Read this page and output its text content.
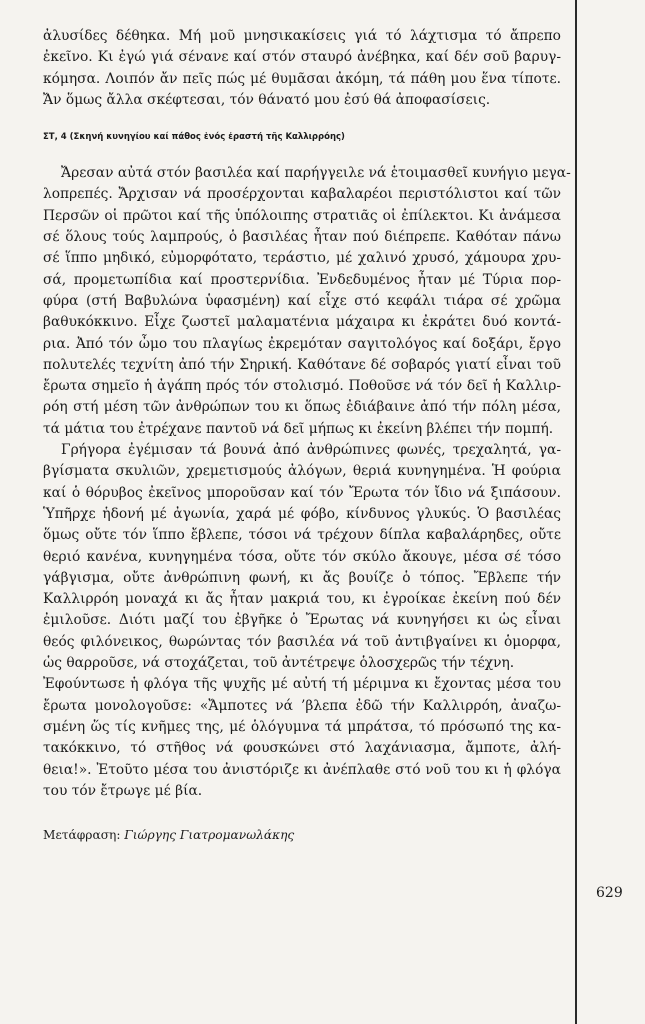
ἀλυσίδες δέθηκα. Μή μοῦ μνησικακίσεις γιά τό λάχτισμα τό ἄπρεπο
ἐκεῖνο. Κι ἐγώ γιά σένανε καί στόν σταυρό ἀνέβηκα, καί δέν σοῦ βαρυγ-
κόμησα. Λοιπόν ἄν πεῖς πώς μέ θυμᾶσαι ἀκόμη, τά πάθη μου ἕνα τίποτε.
Ἄν ὅμως ἄλλα σκέφτεσαι, τόν θάνατό μου ἐσύ θά ἀποφασίσεις.
ΣΤ, 4 (Σκηνή κυνηγίου καί πάθος ἑνός ἐραστή τῆς Καλλιρρόης)
Ἄρεσαν αὐτά στόν βασιλέα καί παρήγγειλε νά ἑτοιμασθεῖ κυνήγιο μεγα-
λοπρεπές. Ἄρχισαν νά προσέρχονται καβαλαρέοι περιστόλιστοι καί τῶν
Περσῶν οἱ πρῶτοι καί τῆς ὑπόλοιπης στρατιᾶς οἱ ἐπίλεκτοι. Κι ἀνάμεσα
σέ ὅλους τούς λαμπρούς, ὁ βασιλέας ἦταν πού διέπρεπε. Καθόταν πάνω
σέ ἵππο μηδικό, εὐμορφότατο, τεράστιο, μέ χαλινό χρυσό, χάμουρα χρυ-
σά, προμετωπίδια καί προστερνίδια. Ἐνδεδυμένος ἦταν μέ Τύρια πορ-
φύρα (στή Βαβυλώνα ὑφασμένη) καί εἶχε στό κεφάλι τιάρα σέ χρῶμα
βαθυκόκκινο. Εἶχε ζωστεῖ μαλαματένια μάχαιρα κι ἐκράτει δυό κοντά-
ρια. Ἀπό τόν ὦμο του πλαγίως ἐκρεμόταν σαγιτολόγος καί δοξάρι, ἔργο
πολυτελές τεχνίτη ἀπό τήν Σηρική. Καθότανε δέ σοβαρός γιατί εἶναι τοῦ
ἔρωτα σημεῖο ἡ ἀγάπη πρός τόν στολισμό. Ποθοῦσε νά τόν δεῖ ἡ Καλλιρ-
ρόη στή μέση τῶν ἀνθρώπων του κι ὅπως ἐδιάβαινε ἀπό τήν πόλη μέσα,
τά μάτια του ἐτρέχανε παντοῦ νά δεῖ μήπως κι ἐκείνη βλέπει τήν πομπή.
Γρήγορα ἐγέμισαν τά βουνά ἀπό ἀνθρώπινες φωνές, τρεχαλητά, γα-
βγίσματα σκυλιῶν, χρεμετισμούς ἀλόγων, θεριά κυνηγημένα. Ἡ φούρια
καί ὁ θόρυβος ἐκεῖνος μποροῦσαν καί τόν Ἔρωτα τόν ἴδιο νά ξιπάσουν.
Ὑπῆρχε ἡδονή μέ ἀγωνία, χαρά μέ φόβο, κίνδυνος γλυκύς. Ὁ βασιλέας
ὅμως οὔτε τόν ἵππο ἔβλεπε, τόσοι νά τρέχουν δίπλα καβαλάρηδες, οὔτε
θεριό κανένα, κυνηγημένα τόσα, οὔτε τόν σκύλο ἄκουγε, μέσα σέ τόσο
γάβγισμα, οὔτε ἀνθρώπινη φωνή, κι ἄς βουίζε ὁ τόπος. Ἔβλεπε τήν
Καλλιρρόη μοναχά κι ἄς ἦταν μακριά του, κι ἐγροίκαε ἐκείνη πού δέν
ἐμιλοῦσε. Διότι μαζί του ἐβγῆκε ὁ Ἔρωτας νά κυνηγήσει κι ὡς εἶναι
θεός φιλόνεικος, θωρώντας τόν βασιλέα νά τοῦ ἀντιβγαίνει κι ὁμορφα,
ὡς θαρροῦσε, νά στοχάζεται, τοῦ ἀντέτρεψε ὁλοσχερῶς τήν τέχνη.
Ἐφούντωσε ἡ φλόγα τῆς ψυχῆς μέ αὐτή τή μέριμνα κι ἔχοντας μέσα του
ἔρωτα μονολογοῦσε: «Ἄμποτες νά ’βλεπα ἐδῶ τήν Καλλιρρόη, ἀναζω-
σμένη ὥς τίς κνῆμες της, μέ ὁλόγυμνα τά μπράτσα, τό πρόσωπό της κα-
τακόκκινο, τό στῆθος νά φουσκώνει στό λαχάνιασμα, ἄμποτε, ἀλή-
θεια!». Ἐτοῦτο μέσα του ἀνιστόριζε κι ἀνέπλαθε στό νοῦ του κι ἡ φλόγα
του τόν ἔτρωγε μέ βία.
Μετάφραση: Γιώργης Γιατρομανωλάκης
629
